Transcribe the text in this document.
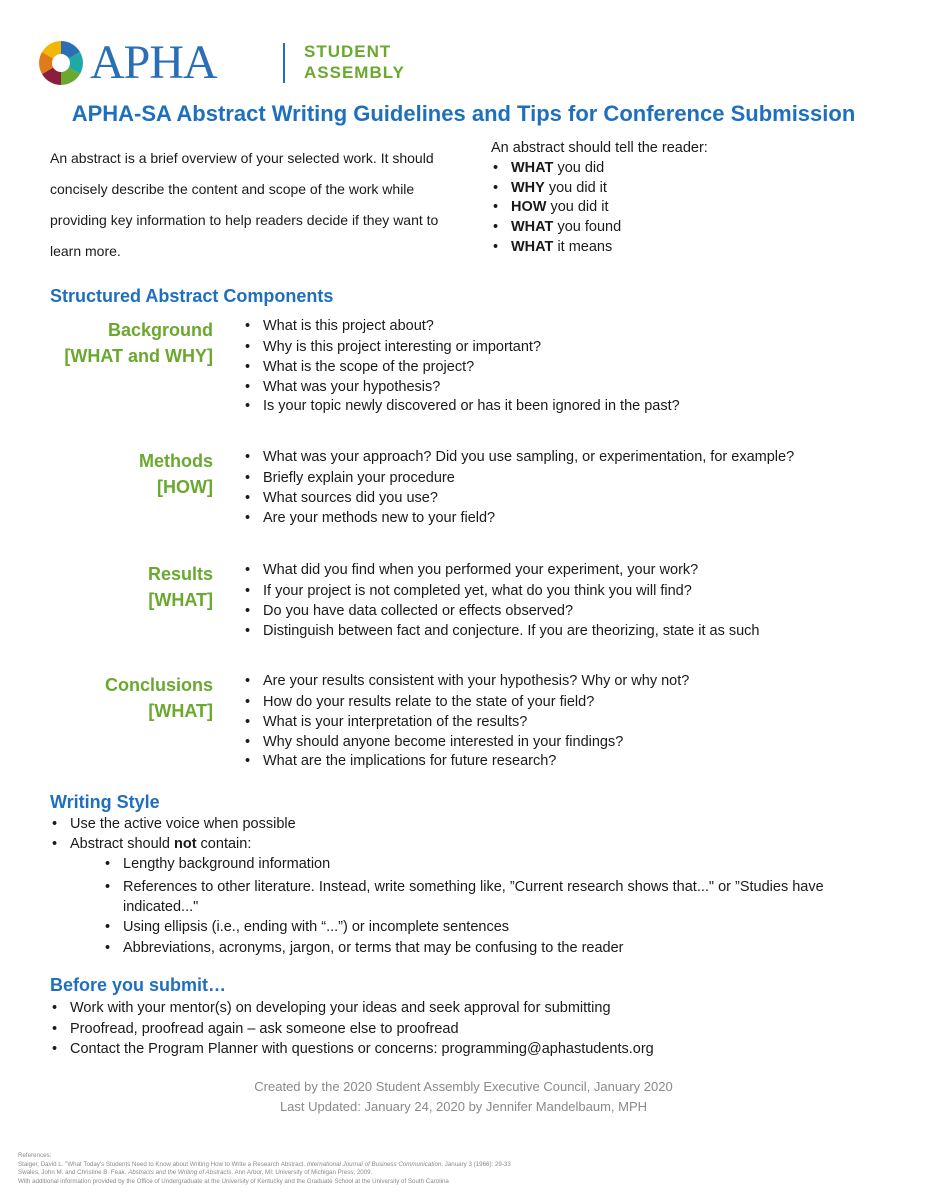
APHA	STUDENT
ASSEMBLY
APHA-SA Abstract Writing Guidelines and Tips for Conference Submission
An abstract is a brief overview of your selected work. It should concisely describe the content and scope of the work while providing key information to help readers decide if they want to learn more.
An abstract should tell the reader:
• WHAT you did
• WHY you did it
• HOW you did it
• WHAT you found
• WHAT it means
Structured Abstract Components
Background
[WHAT and WHY]
• What is this project about?
• Why is this project interesting or important?
• What is the scope of the project?
• What was your hypothesis?
• Is your topic newly discovered or has it been ignored in the past?
Methods
[HOW]
• What was your approach? Did you use sampling, or experimentation, for example?
• Briefly explain your procedure
• What sources did you use?
• Are your methods new to your field?
Results
[WHAT]
• What did you find when you performed your experiment, your work?
• If your project is not completed yet, what do you think you will find?
• Do you have data collected or effects observed?
• Distinguish between fact and conjecture. If you are theorizing, state it as such
Conclusions
[WHAT]
• Are your results consistent with your hypothesis? Why or why not?
• How do your results relate to the state of your field?
• What is your interpretation of the results?
• Why should anyone become interested in your findings?
• What are the implications for future research?
Writing Style
• Use the active voice when possible
• Abstract should not contain:
• Lengthy background information
• References to other literature. Instead, write something like, ”Current research shows that..." or ”Studies have indicated..."
• Using ellipsis (i.e., ending with “...”) or incomplete sentences
• Abbreviations, acronyms, jargon, or terms that may be confusing to the reader
Before you submit…
• Work with your mentor(s) on developing your ideas and seek approval for submitting
• Proofread, proofread again – ask someone else to proofread
• Contact the Program Planner with questions or concerns: programming@aphastudents.org
Created by the 2020 Student Assembly Executive Council, January 2020
Last Updated: January 24, 2020 by Jennifer Mandelbaum, MPH
References:
Staiger, David L. "What Today's Students Need to Know about Writing How to Write a Research Abstract. International Journal of Business Communication. January 3 (1966): 29-33
Swales, John M. and Christine B. Feak. Abstracts and the Writing of Abstracts. Ann Arbor, MI: University of Michigan Press, 2009.
With additional information provided by the Office of Undergraduate at the University of Kentucky and the Graduate School at the University of South Carolina
